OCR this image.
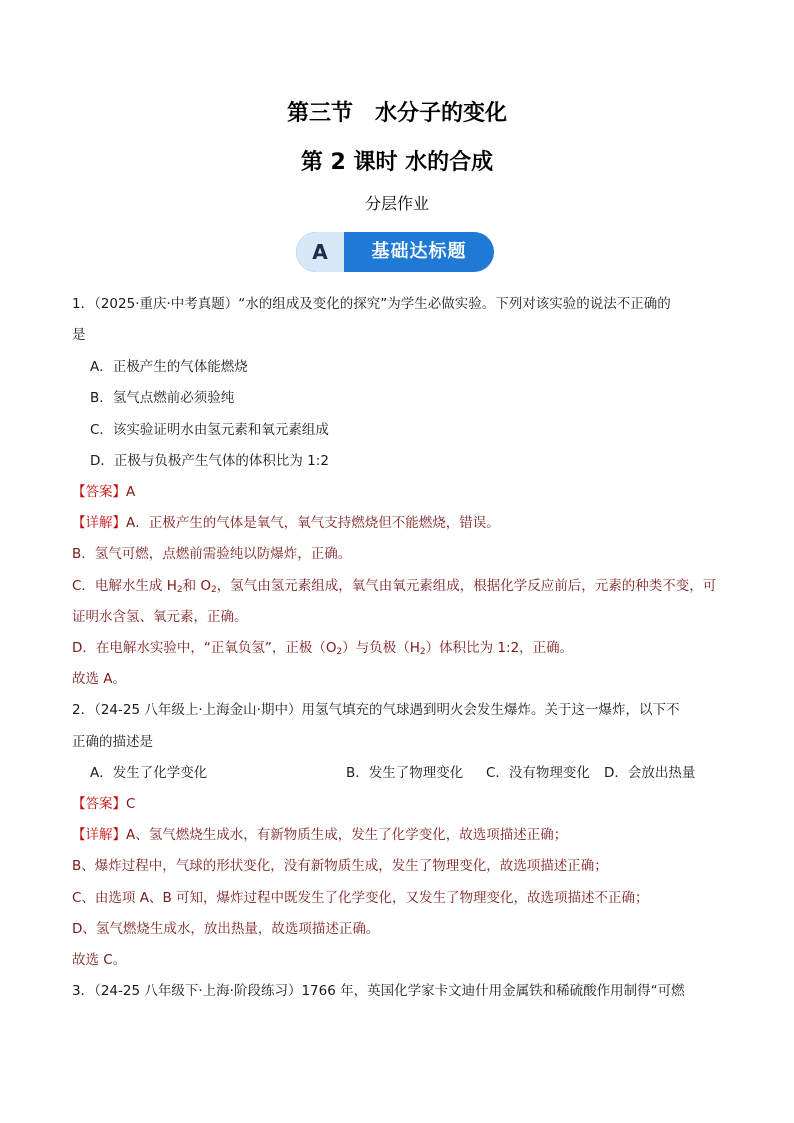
第三节　水分子的变化
第 2 课时 水的合成
分层作业
A	基础达标题
1．（2025·重庆·中考真题）“水的组成及变化的探究”为学生必做实验。下列对该实验的说法不正确的
是
A．正极产生的气体能燃烧
B．氢气点燃前必须验纯
C．该实验证明水由氢元素和氧元素组成
D．正极与负极产生气体的体积比为 1:2
【答案】A
【详解】A．正极产生的气体是氧气，氧气支持燃烧但不能燃烧，错误。
B．氢气可燃，点燃前需验纯以防爆炸，正确。
C．电解水生成 $H_2$和 $O_2$，氢气由氢元素组成，氧气由氧元素组成，根据化学反应前后，元素的种类不变，可
证明水含氢、氧元素，正确。
D．在电解水实验中，“正氧负氢”，正极$(O_2)$与负极$(H_2)$体积比为 1:2，正确。
故选 A。
2．（24-25 八年级上·上海金山·期中）用氢气填充的气球遇到明火会发生爆炸。关于这一爆炸，以下不
正确的描述是
A．发生了化学变化	B．发生了物理变化 C．没有物理变化 D．会放出热量
【答案】C
【详解】A、氢气燃烧生成水，有新物质生成，发生了化学变化，故选项描述正确；
B、爆炸过程中，气球的形状变化，没有新物质生成，发生了物理变化，故选项描述正确；
C、由选项 A、B 可知，爆炸过程中既发生了化学变化，又发生了物理变化，故选项描述不正确；
D、氢气燃烧生成水，放出热量，故选项描述正确。
故选 C。
3．（24-25 八年级下·上海·阶段练习）1766 年，英国化学家卡文迪什用金属铁和稀硫酸作用制得“可燃
